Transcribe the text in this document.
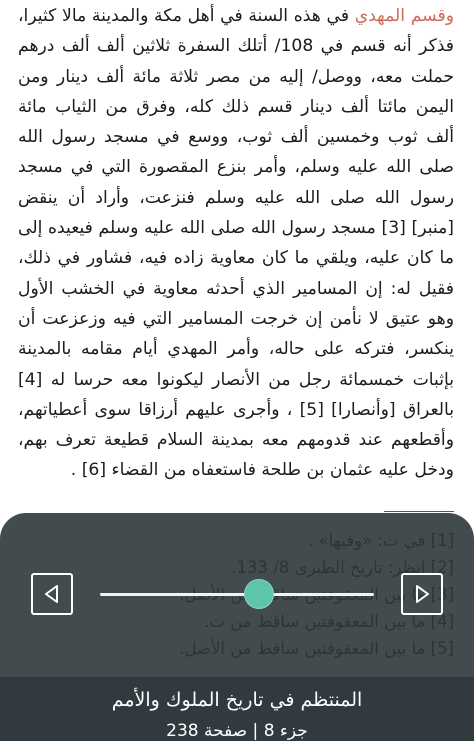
وقسم المهدي في هذه السنة في أهل مكة والمدينة مالا كثيرا، فذكر أنه قسم في 108/ أتلك السفرة ثلاثين ألف ألف درهم حملت معه، ووصل/ إليه من مصر ثلاثة مائة ألف دينار ومن اليمن مائتا ألف دينار قسم ذلك كله، وفرق من الثياب مائة ألف ثوب وخمسين ألف ثوب، ووسع في مسجد رسول الله صلى الله عليه وسلم، وأمر بنزع المقصورة التي في مسجد رسول الله صلى الله عليه وسلم فنزعت، وأراد أن ينقض [منبر] [3] مسجد رسول الله صلى الله عليه وسلم فيعيده إلى ما كان عليه، ويلقي ما كان معاوية زاده فيه، فشاور في ذلك، فقيل له: إن المسامير الذي أحدثه معاوية في الخشب الأول وهو عتيق لا نأمن إن خرجت المسامير التي فيه وزعزعت أن ينكسر، فتركه على حاله، وأمر المهدي أيام مقامه بالمدينة بإثبات خمسمائة رجل من الأنصار ليكونوا معه حرسا له [4] بالعراق [وأنصارا] [5] ، وأجرى عليهم أرزاقا سوى أعطياتهم، وأقطعهم عند قدومهم معه بمدينة السلام قطيعة تعرف بهم، ودخل عليه عثمان بن طلحة فاستعفاه من القضاء [6] .

المنتظم في تاريخ الملوك والأمم
جزء 8 | صفحة 238
